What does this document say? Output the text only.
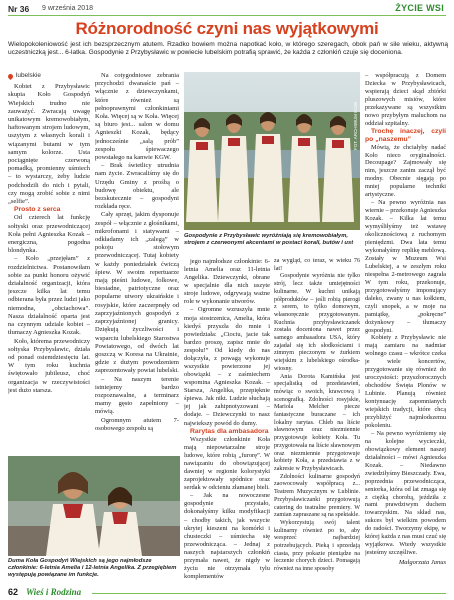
Nr 36 9 września 2018	ŻYCIE WSI
Różnorodność czyni nas wyjątkowymi
Wielopokoleniowość jest ich bezsprzecznym atutem. Rzadko bowiem można napotkać koło, w którego szeregach, obok pań w sile wieku, aktywną uczestniczką jest... 6-latka. Gospodynie z Przybysławic w powiecie lubelskim potrafią sprawić, że każda z członkiń czuje się doceniona.
lubelskie

Kobiet z Przybysławic skupia Koło Gospodyń Wiejskich trudno nie zauważyć. Zwracają uwagę unikatowym kremowobiałym, haftowanym strojem ludowym, uszytym z własnych korali i wiązanymi butami w tym samym kolorze. Usta pociągnięte czerwoną pomadką, promienny uśmiech – to wystarczy, żeby ludzie podchodzili do nich i pytali, czy mogą zrobić sobie z nimi „selfie”.

Prosto z serca

Od czterech lat funkcję sołtyski oraz przewodniczącej Koła pełni Agnieszka Kozak – energiczna, pogodna blondynka.

– Koło „przejęłam” z rozdzielnictwa. Postanowiłam sobie za punkt honoru ożywić działalność organizacji, która jeszcze kilka lat temu odbierana była przez ludzi jako niemodna, „obciachowa”. Nasza działalność oparta jest na czynnym udziale kobiet – tłumaczy Agnieszka Kozak.

Koło, którema przewodniczy sołtyska Przybysławic, działa od ponad osiemdziesięciu lat. W tym roku kuchnia świętowało jubileusz, choć organizacja w rzeczywistości jest dużo starsza.

Na cotygodniowe zebrania przychodzi dwanaście pań – włącznie z dziewczynkami, które również są pełnoprawnymi członkiniami Koła. Więcej są w Koła. Więcej są biuro jest... salon w domu Agnieszki Kozak, będący jednocześnie „salą prób” zespołu śpiewaczego powstałego na kanwie KGW.

– Brak świetlicy utrudnia nam życie. Zwracaliśmy się do Urzędu Gminy z prośbą o budowę obiektu, ale bezskutecznie – gospodyni rozkłada ręce.

Cały sprzęt, jakim dysponuje zespół – włącznie z głośnikami, mikrofonami i statywami – odkładamy ich „zalegą” w pokoju stołowym przewodniczącej. Tutaj kobiety w każdy poniedziałek ćwiczą śpiew. W swoim repertuarze mają pieśni ludowe, folkowe, biesiadne, patriotyczne oraz popularne utwory ukraińskie i rosyjskie, które zaczerpnęły od zaprzyjaźnionych gospodyń z zaprzyjaźnionej granicy. Dziękują życzliwości i wsparciu lubelskiego Starostwa Powiatowego, od dwóch lat goszczą w Koresa na Ukrainie, gdzie z dużym powodzeniem zaprezentowały powiat lubelski.

– Na naszym terenie istniejemy bardzo rozpoznawalne, a terminarz mamy gęsto zapełniony – mówią.

Ogromnym atutem 7-osobowego zespołu są

Duma Koła Gospodyń Wiejskich są jego najmłodsze członkinie: 6-letnia Amelia i 12-letnia Angelika. Z przegiębiem występują powiązane im funkcje.
FOT. ARCHIWUM KGW
Gospodynie z Przybysławic wyróżniają się kremowobiałym, strojem z czerwonymi akcentami w postaci korali, butów i ust

jego najmłodsze członkinie: 6-letnia Amelia oraz 11-letnia Angelika. Dziewczynki, obrane w specjalnie dla nich uszyte stroje ludowe, odgrywają ważne role w wykonanie utworów.

– Ogromne wzruszyła mnie moja siostrzenica, Amelia, która kiedyś przyszła do mnie i powiedziała: „Ciociu, jacie tak bardzo proszę, zapisz mnie do zespołu!” Od kiedy do nas dołączyła, z powagą wykonuje wszystkie powierzone jej obowiązki – z zaśmiechem wspomina Agnieszka Kozak. – Starsza, Angelika, przepięknie śpiewa. Jak nikt. Ludzie słuchają jej jak zahipnotyzowani – dodaje. – Dziewczynki to nasz najwiekszy powód do dumy.

Rarytas dla ambasadora

Wszystkie członkinie Koła mają niepowtarzalne stroje ludowe, które robią „furorę”. W nawiązaniu do obowiązującej dawniej w regionie kolorystyki zaprojektowały spódnice oraz serdak w odcieniu złamanej bieli.

– Jak na nowoczesne gospodynie przystało, dokonałyśmy kilku modyfikacji – chodby takich, jak wszycie ukrytej kieszeni na komórki i chusteczki – uśmiecha się przewodnicząca. – Jednaj z naszych najstarszych członkiń przymała nawet, że nigdy w życiu nie otrzymała tylu komplementów

za wygląd, co teraz, w wieku 76 lat!

Gospodynie wyróżnia nie tylko strój, lecz także umiejętności kulinarne. W kuchni unikają półproduktów – jeśli robią pierogi z serem, to tylko domowym, własnoręcznie przygotowanym. Kuchnia przybysławiczanek została doceniona nawet przez samego ambasadora USA, który zajadał się ich słodkościami i zimnym pieczonym w żurkiem wiejskim z lubelskiego ośrodka-wiosny.

Ania Dorota Kamińska jest specjalistką od przedstawień, mówiąc o swoich, krawcową i scenografką. Zdolności rosyjskie, Mariola Melcher piecze fantastyczne buraczane – ich lokalny rarytas. Chleb na liście sławnowym oraz niezmiennie przygotowuje kobiety Koła. Tu przygotowała na liście sławnowym oraz niezmiennie przygotowuje kobiety Koła, a przedstawia z w zakresie w Przybysławicach.

Zdolności kulinarne gospodyń zaowocowały współpracą z... Teatrem Muzycznym w Lublinie. Przybysławiczanki przygotowują catering do teatralne premiery. W zamian zapraszane są na spektakle.

Wykorzystują swój talent kulinarny również po to, aby wesprzeć najbardziej potrzebujących. Pieką i sprzedają ciasta, przy pokazie pieniądze na leczenie chorych dzieci. Pomagają również na inne sposoby

– współpracują z Domem Dziecka w Przybysławicach, wspierają dzieci skąd zbiórki pluszowych misiów, które przekazywane są wszystkim nowo przybyłym maluchom na oddział szpitalny.

Trochę inaczej, czyli po „naszemu”

Mówią, że chciałyby nadać Koło nieco oryginalności. Decoupage? Zajmowały się nim, jeszcze zanim zaczął być modny. Obecnie sięgają po mniej popularne techniki artystyczne.

– Na pewno wyróżnia nas wiernie – przekonuje Agnieszka Kozak. – Kilka lat temu wymyśliłyśmy też wstawę okolicznościową z ruchomym pieniędzmi. Dwa lata temu wykonałyśmy replikę meblową. Zostały w Muzeum Wsi Lubelskiej, a w zeszłym roku niespełna 2-metrowego zagrała W tym roku, przekonuje, przygotowałyśmy imponujący daleko, zwany u nas kołkiem, czyli snopek, a w moje na pamiątkę, „pokręcne” dożynkowy – tłumaczy gospodyni.

Kobiety z Przybysławic nie mają zamiaru na nadmiar wolnego czasu – wkrótce czeka je wiele koncertów, przygotowanie się również do uroczystości: przyszłorocznych obchodów Święta Plonów w Lubinie. Planują również kontynuację zapomnianych wiejskich tradycji, które chcą przybliżyć najmłodszemu pokoleniu.

– Na pewno wyróżniemy się na kolejne wycieczki, obowiązkowy element naszej działalności – mówi Agnieszka Kozak. – Niedawno zwiedziłyśmy Bieszczady. Ewa, poprzednia przewodnicząca, seniorka, która od lat zmaga się z ciężką chorobą, jeździła z nami prawdziwym duchem towarzyskim. Na skład nas, sukces był wielkim powodem do radości. Tworzymy ekipę, w której każda z nas musi czuć się wyjątkowa. Wtedy wszystkie jesteśmy szczęśliwe.

Małgorzata Janus
62 Wieś i Rodzina
